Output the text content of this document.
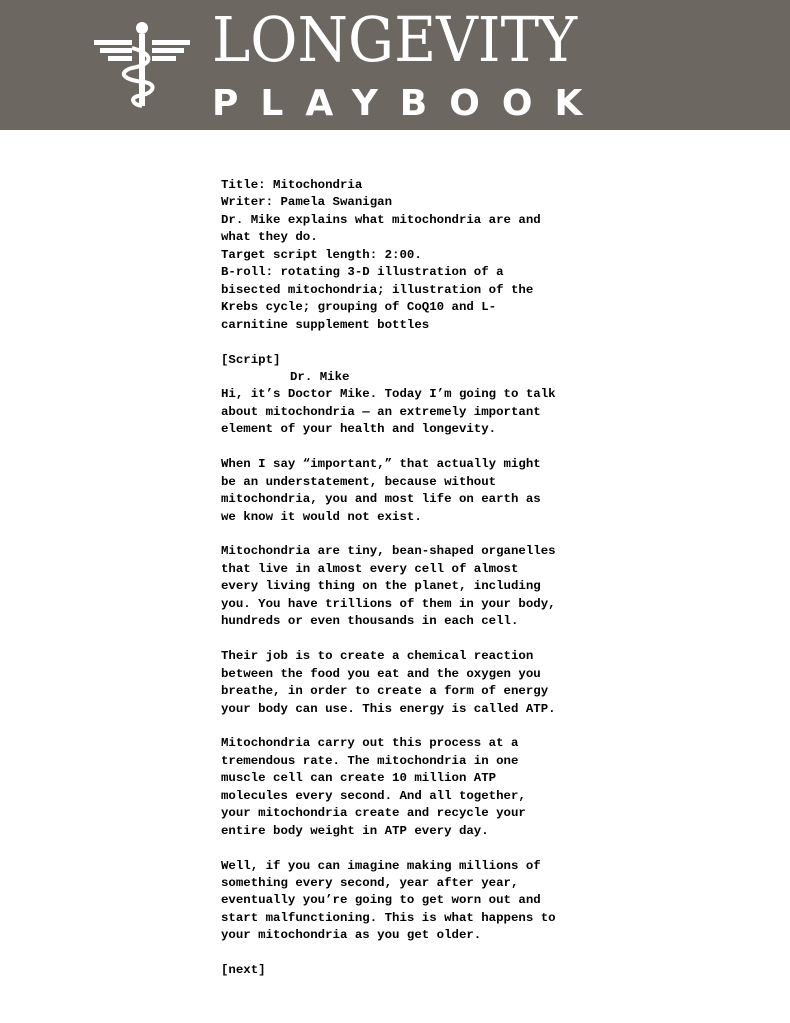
LONGEVITY
PLAYBOOK
Title: Mitochondria
Writer: Pamela Swanigan
Dr. Mike explains what mitochondria are and
what they do.
Target script length: 2:00.
B-roll: rotating 3-D illustration of a
bisected mitochondria; illustration of the
Krebs cycle; grouping of CoQ10 and L-
carnitine supplement bottles
[Script]
Dr. Mike
Hi, it’s Doctor Mike. Today I’m going to talk
about mitochondria — an extremely important
element of your health and longevity.
When I say “important,” that actually might
be an understatement, because without
mitochondria, you and most life on earth as
we know it would not exist.
Mitochondria are tiny, bean-shaped organelles
that live in almost every cell of almost
every living thing on the planet, including
you. You have trillions of them in your body,
hundreds or even thousands in each cell.
Their job is to create a chemical reaction
between the food you eat and the oxygen you
breathe, in order to create a form of energy
your body can use. This energy is called ATP.
Mitochondria carry out this process at a
tremendous rate. The mitochondria in one
muscle cell can create 10 million ATP
molecules every second. And all together,
your mitochondria create and recycle your
entire body weight in ATP every day.
Well, if you can imagine making millions of
something every second, year after year,
eventually you’re going to get worn out and
start malfunctioning. This is what happens to
your mitochondria as you get older.
[next]
